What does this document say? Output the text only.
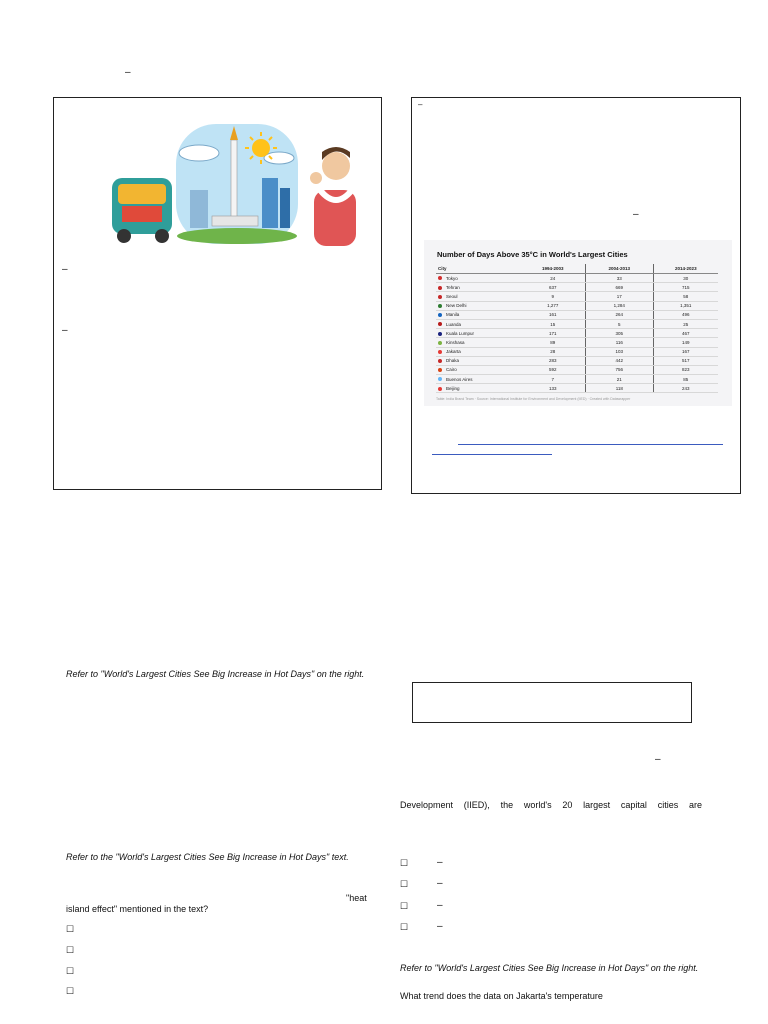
–
–
–
–
–
Number of Days Above 35°C in World's Largest Cities
City	1994-2003	2004-2013	2014-2023
Tokyo	24	33	30
Tehran	637	669	715
Seoul	9	17	58
New Delhi	1,277	1,284	1,351
Manila	161	264	496
Luanda	15	5	25
Kuala Lumpur	171	305	467
Kinshasa	89	116	149
Jakarta	28	103	167
Dhaka	283	442	517
Cairo	592	756	823
Buenos Aires	7	21	85
Beijing	133	118	243
Table: India Brand Team · Source: International Institute for Environment and Development (IIED) · Created with Datawrapper
Refer to "World's Largest Cities See Big Increase in Hot Days" on the right.
Refer to the "World's Largest Cities See Big Increase in Hot Days" text.
"heat
island effect" mentioned in the text?
☐
☐
☐
☐
–
Development (IIED), the world's 20 largest capital cities are
☐	–
☐	–
☐	–
☐	–
Refer to "World's Largest Cities See Big Increase in Hot Days" on the right.
What trend does the data on Jakarta's temperature
